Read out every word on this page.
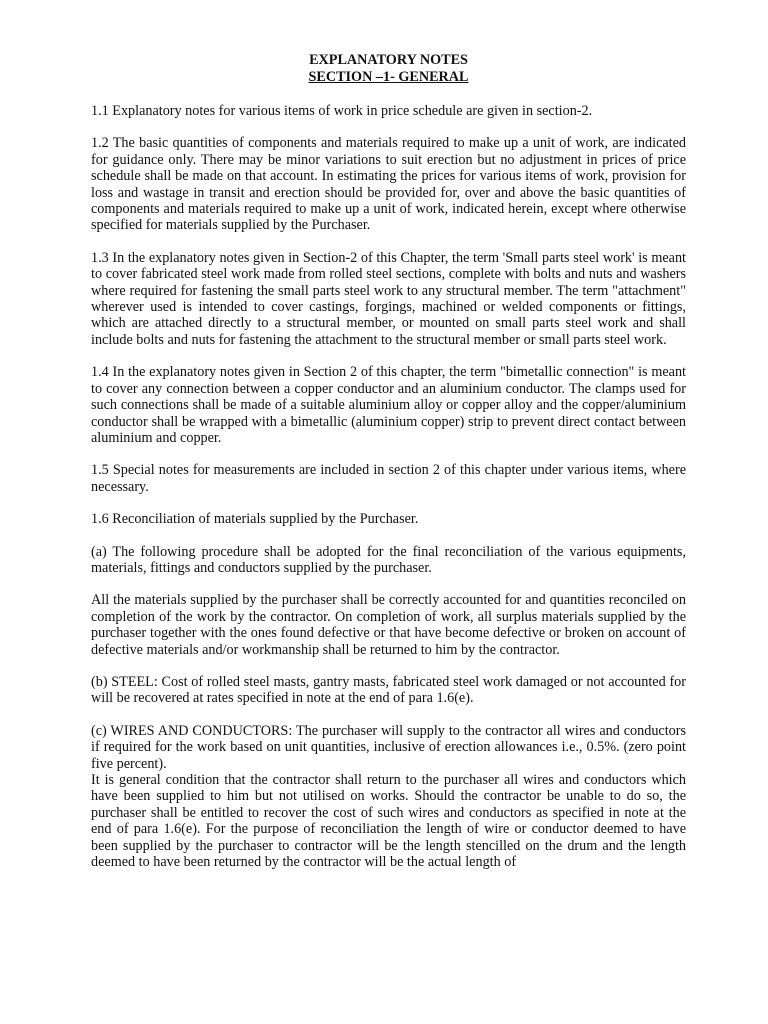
EXPLANATORY NOTES
SECTION –1- GENERAL

1.1 Explanatory notes for various items of work in price schedule are given in section-2.

1.2 The basic quantities of components and materials required to make up a unit of work, are indicated for guidance only. There may be minor variations to suit erection but no adjustment in prices of price schedule shall be made on that account. In estimating the prices for various items of work, provision for loss and wastage in transit and erection should be provided for, over and above the basic quantities of components and materials required to make up a unit of work, indicated herein, except where otherwise specified for materials supplied by the Purchaser.

1.3 In the explanatory notes given in Section-2 of this Chapter, the term 'Small parts steel work' is meant to cover fabricated steel work made from rolled steel sections, complete with bolts and nuts and washers where required for fastening the small parts steel work to any structural member. The term "attachment" wherever used is intended to cover castings, forgings, machined or welded components or fittings, which are attached directly to a structural member, or mounted on small parts steel work and shall include bolts and nuts for fastening the attachment to the structural member or small parts steel work.

1.4 In the explanatory notes given in Section 2 of this chapter, the term "bimetallic connection" is meant to cover any connection between a copper conductor and an aluminium conductor. The clamps used for such connections shall be made of a suitable aluminium alloy or copper alloy and the copper/aluminium conductor shall be wrapped with a bimetallic (aluminium copper) strip to prevent direct contact between aluminium and copper.

1.5 Special notes for measurements are included in section 2 of this chapter under various items, where necessary.

1.6 Reconciliation of materials supplied by the Purchaser.

(a) The following procedure shall be adopted for the final reconciliation of the various equipments, materials, fittings and conductors supplied by the purchaser.

All the materials supplied by the purchaser shall be correctly accounted for and quantities reconciled on completion of the work by the contractor. On completion of work, all surplus materials supplied by the purchaser together with the ones found defective or that have become defective or broken on account of defective materials and/or workmanship shall be returned to him by the contractor.

(b) STEEL: Cost of rolled steel masts, gantry masts, fabricated steel work damaged or not accounted for will be recovered at rates specified in note at the end of para 1.6(e).

(c) WIRES AND CONDUCTORS: The purchaser will supply to the contractor all wires and conductors if required for the work based on unit quantities, inclusive of erection allowances i.e., 0.5%. (zero point five percent).

It is general condition that the contractor shall return to the purchaser all wires and conductors which have been supplied to him but not utilised on works. Should the contractor be unable to do so, the purchaser shall be entitled to recover the cost of such wires and conductors as specified in note at the end of para 1.6(e). For the purpose of reconciliation the length of wire or conductor deemed to have been supplied by the purchaser to contractor will be the length stencilled on the drum and the length deemed to have been returned by the contractor will be the actual length of
